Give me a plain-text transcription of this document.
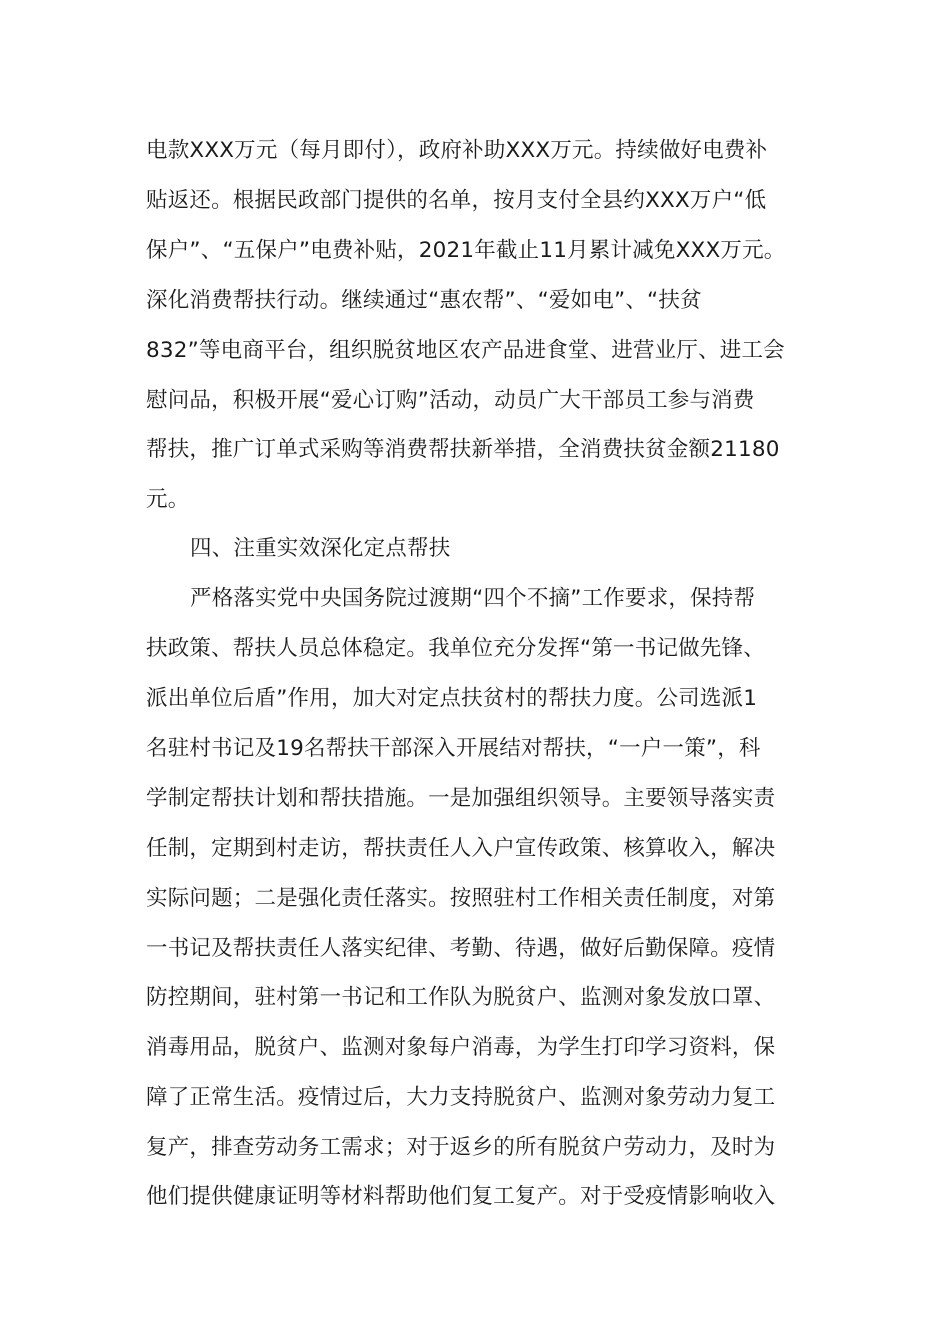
电款XXX万元（每月即付），政府补助XXX万元。持续做好电费补
贴返还。根据民政部门提供的名单，按月支付全县约XXX万户“低
保户”、“五保户”电费补贴，2021年截止11月累计减免XXX万元。
深化消费帮扶行动。继续通过“惠农帮”、“爱如电”、“扶贫
832”等电商平台，组织脱贫地区农产品进食堂、进营业厅、进工会
慰问品，积极开展“爱心订购”活动，动员广大干部员工参与消费
帮扶，推广订单式采购等消费帮扶新举措，全消费扶贫金额21180
元。
四、注重实效深化定点帮扶
严格落实党中央国务院过渡期“四个不摘”工作要求，保持帮
扶政策、帮扶人员总体稳定。我单位充分发挥“第一书记做先锋、
派出单位后盾”作用，加大对定点扶贫村的帮扶力度。公司选派1
名驻村书记及19名帮扶干部深入开展结对帮扶，“一户一策”，科
学制定帮扶计划和帮扶措施。一是加强组织领导。主要领导落实责
任制，定期到村走访，帮扶责任人入户宣传政策、核算收入，解决
实际问题；二是强化责任落实。按照驻村工作相关责任制度，对第
一书记及帮扶责任人落实纪律、考勤、待遇，做好后勤保障。疫情
防控期间，驻村第一书记和工作队为脱贫户、监测对象发放口罩、
消毒用品，脱贫户、监测对象每户消毒，为学生打印学习资料，保
障了正常生活。疫情过后，大力支持脱贫户、监测对象劳动力复工
复产，排查劳动务工需求；对于返乡的所有脱贫户劳动力，及时为
他们提供健康证明等材料帮助他们复工复产。对于受疫情影响收入
